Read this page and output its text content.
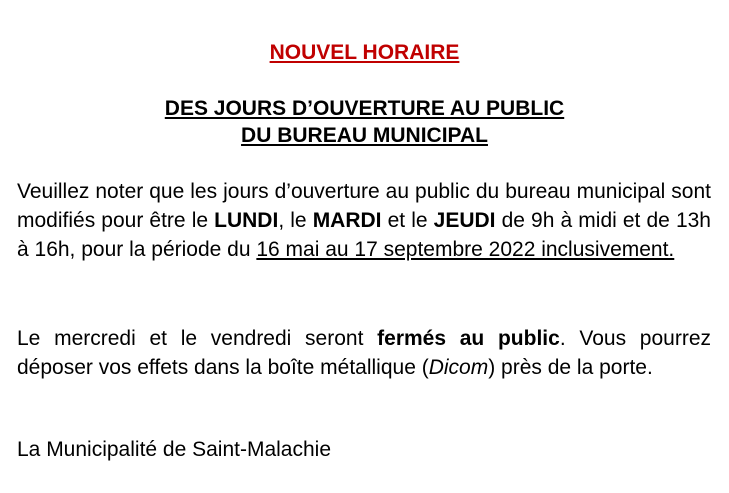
NOUVEL HORAIRE
DES JOURS D’OUVERTURE AU PUBLIC
DU BUREAU MUNICIPAL

Veuillez noter que les jours d’ouverture au public du bureau municipal sont modifiés pour être le LUNDI, le MARDI et le JEUDI de 9h à midi et de 13h à 16h, pour la période du 16 mai au 17 septembre 2022 inclusivement.

Le mercredi et le vendredi seront fermés au public. Vous pourrez déposer vos effets dans la boîte métallique (Dicom) près de la porte.

La Municipalité de Saint-Malachie
